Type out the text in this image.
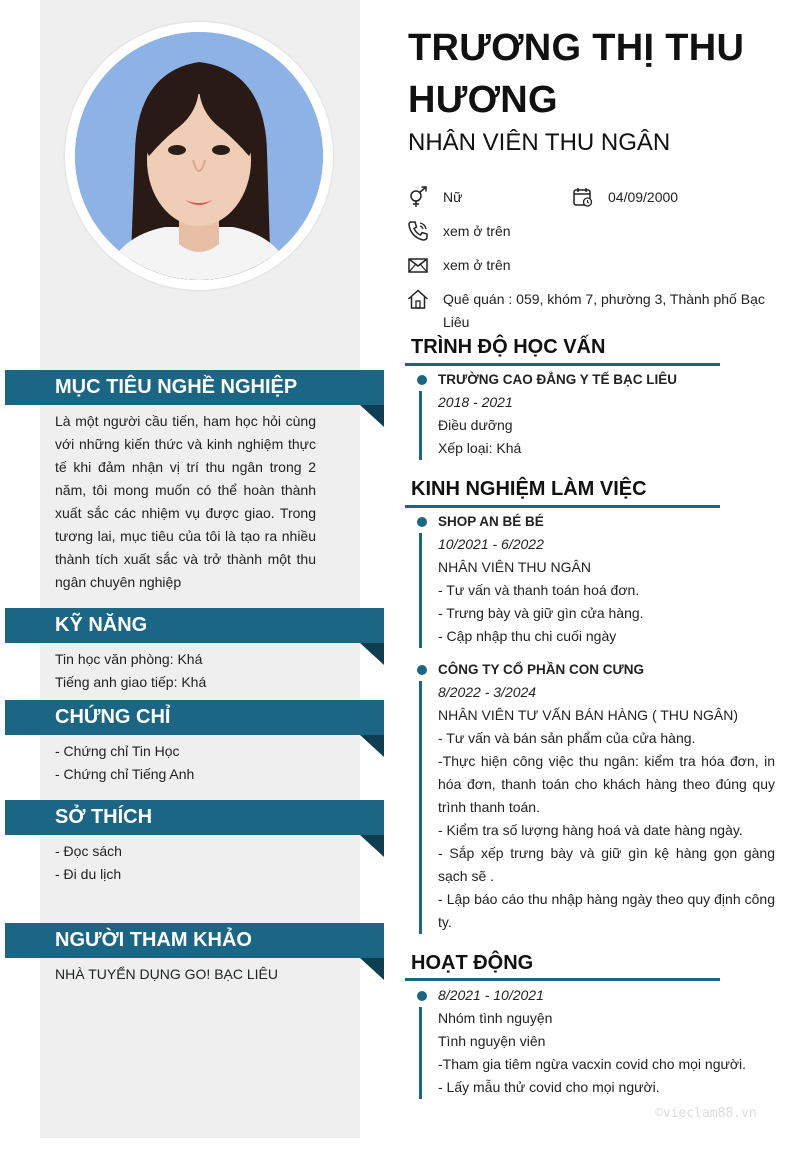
MỤC TIÊU NGHỀ NGHIỆP
Là một người cầu tiến, ham học hỏi cùng với những kiến thức và kinh nghiệm thực tế khi đảm nhận vị trí thu ngân trong 2 năm, tôi mong muốn có thể hoàn thành xuất sắc các nhiệm vụ được giao. Trong tương lai, mục tiêu của tôi là tạo ra nhiều thành tích xuất sắc và trở thành một thu ngân chuyên nghiệp
KỸ NĂNG
Tin học văn phòng: Khá
Tiếng anh giao tiếp: Khá
CHỨNG CHỈ
- Chứng chỉ Tin Học
- Chứng chỉ Tiếng Anh
SỞ THÍCH
- Đọc sách
- Đi du lịch
NGƯỜI THAM KHẢO
NHÀ TUYỂN DỤNG GO! BẠC LIÊU
TRƯƠNG THỊ THU HƯƠNG
NHÂN VIÊN THU NGÂN
Nữ	04/09/2000
xem ở trên
xem ở trên
Quê quán : 059, khóm 7, phường 3, Thành phố Bạc Liêu
TRÌNH ĐỘ HỌC VẤN
TRƯỜNG CAO ĐẲNG Y TẾ BẠC LIÊU
2018 - 2021
Điều dưỡng
Xếp loại: Khá
KINH NGHIỆM LÀM VIỆC
SHOP AN BÉ BÉ
10/2021 - 6/2022
NHÂN VIÊN THU NGÂN
- Tư vấn và thanh toán hoá đơn.
- Trưng bày và giữ gìn cửa hàng.
- Cập nhập thu chi cuối ngày
CÔNG TY CỔ PHẦN CON CƯNG
8/2022 - 3/2024
NHÂN VIÊN TƯ VẤN BÁN HÀNG ( THU NGÂN)
- Tư vấn và bán sản phẩm của cửa hàng.
-Thực hiện công việc thu ngân: kiểm tra hóa đơn, in hóa đơn, thanh toán cho khách hàng theo đúng quy trình thanh toán.
- Kiểm tra số lượng hàng hoá và date hàng ngày.
- Sắp xếp trưng bày và giữ gìn kệ hàng gọn gàng sạch sẽ .
- Lập báo cáo thu nhập hàng ngày theo quy định công ty.
HOẠT ĐỘNG
8/2021 - 10/2021
Nhóm tình nguyện
Tình nguyện viên
-Tham gia tiêm ngừa vacxin covid cho mọi người.
- Lấy mẫu thử covid cho mọi người.
©vieclam88.vn
